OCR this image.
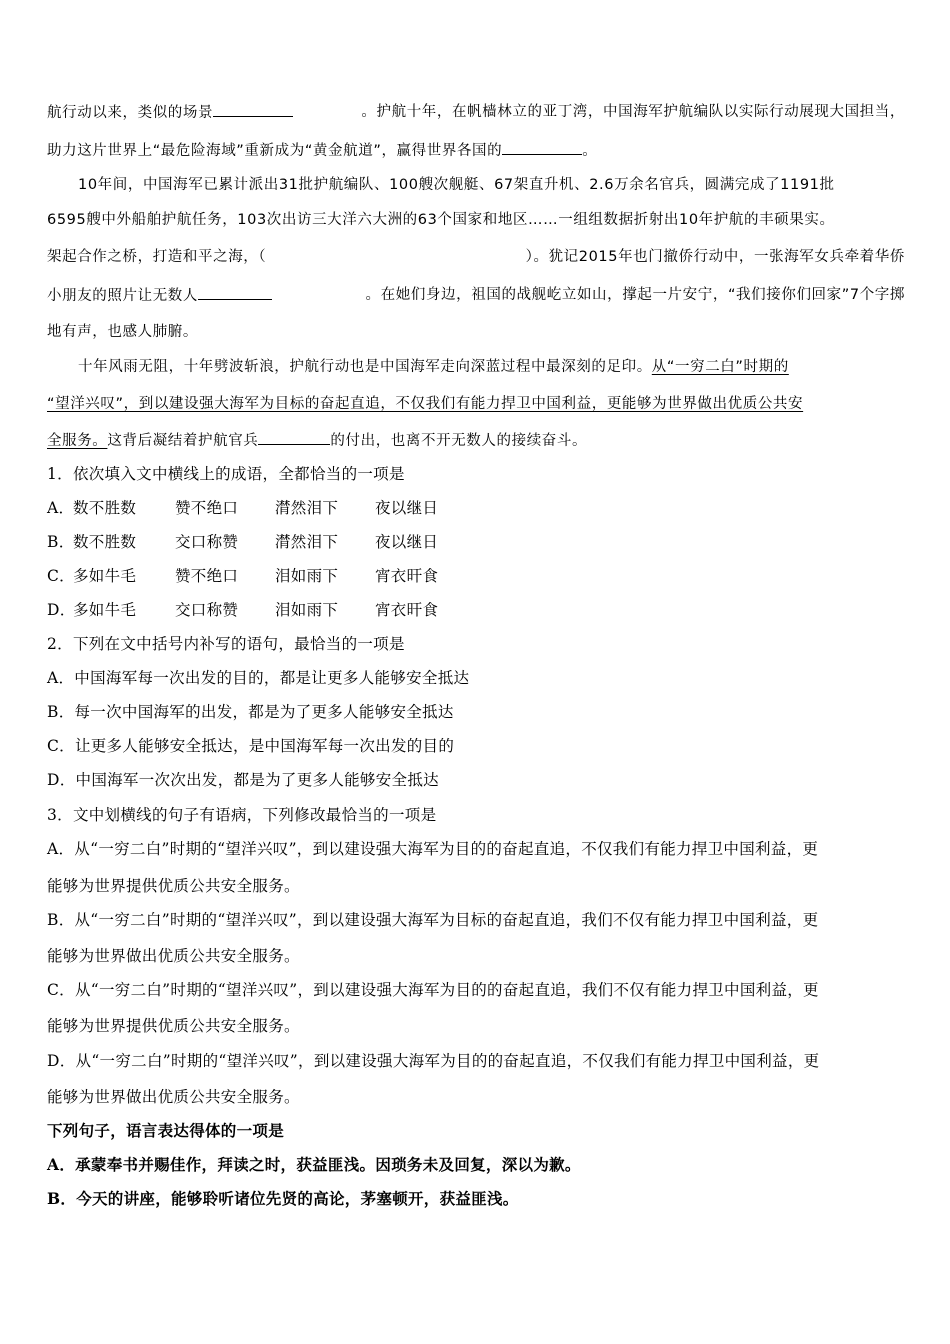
航行动以来，类似的场景	。护航十年，在帆樯林立的亚丁湾，中国海军护航编队以实际行动展现大国担当，
助力这片世界上“最危险海域”重新成为“黄金航道”，赢得世界各国的	。
10年间，中国海军已累计派出31批护航编队、100艘次舰艇、67架直升机、2.6万余名官兵，圆满完成了1191批
6595艘中外船舶护航任务，103次出访三大洋六大洲的63个国家和地区……一组组数据折射出10年护航的丰硕果实。
架起合作之桥，打造和平之海，（	）。犹记2015年也门撤侨行动中，一张海军女兵牵着华侨
小朋友的照片让无数人	。在她们身边，祖国的战舰屹立如山，撑起一片安宁，“我们接你们回家”7个字掷
地有声，也感人肺腑。
十年风雨无阻，十年劈波斩浪，护航行动也是中国海军走向深蓝过程中最深刻的足印。从“一穷二白”时期的
“望洋兴叹”，到以建设强大海军为目标的奋起直追，不仅我们有能力捍卫中国利益，更能够为世界做出优质公共安
全服务。这背后凝结着护航官兵	的付出，也离不开无数人的接续奋斗。
1．依次填入文中横线上的成语，全都恰当的一项是
A．数不胜数	赞不绝口 潸然泪下 夜以继日
B．数不胜数	交口称赞 潸然泪下 夜以继日
C．多如牛毛	赞不绝口 泪如雨下 宵衣旰食
D．多如牛毛	交口称赞 泪如雨下 宵衣旰食
2．下列在文中括号内补写的语句，最恰当的一项是
A．中国海军每一次出发的目的，都是让更多人能够安全抵达
B．每一次中国海军的出发，都是为了更多人能够安全抵达
C．让更多人能够安全抵达，是中国海军每一次出发的目的
D．中国海军一次次出发，都是为了更多人能够安全抵达
3．文中划横线的句子有语病，下列修改最恰当的一项是
A．从“一穷二白”时期的“望洋兴叹”，到以建设强大海军为目的的奋起直追，不仅我们有能力捍卫中国利益，更
能够为世界提供优质公共安全服务。
B．从“一穷二白”时期的“望洋兴叹”，到以建设强大海军为目标的奋起直追，我们不仅有能力捍卫中国利益，更
能够为世界做出优质公共安全服务。
C．从“一穷二白”时期的“望洋兴叹”，到以建设强大海军为目的的奋起直追，我们不仅有能力捍卫中国利益，更
能够为世界提供优质公共安全服务。
D．从“一穷二白”时期的“望洋兴叹”，到以建设强大海军为目的的奋起直追，不仅我们有能力捍卫中国利益，更
能够为世界做出优质公共安全服务。
下列句子，语言表达得体的一项是
A．承蒙奉书并赐佳作，拜读之时，获益匪浅。因琐务未及回复，深以为歉。
B．今天的讲座，能够聆听诸位先贤的高论，茅塞顿开，获益匪浅。
